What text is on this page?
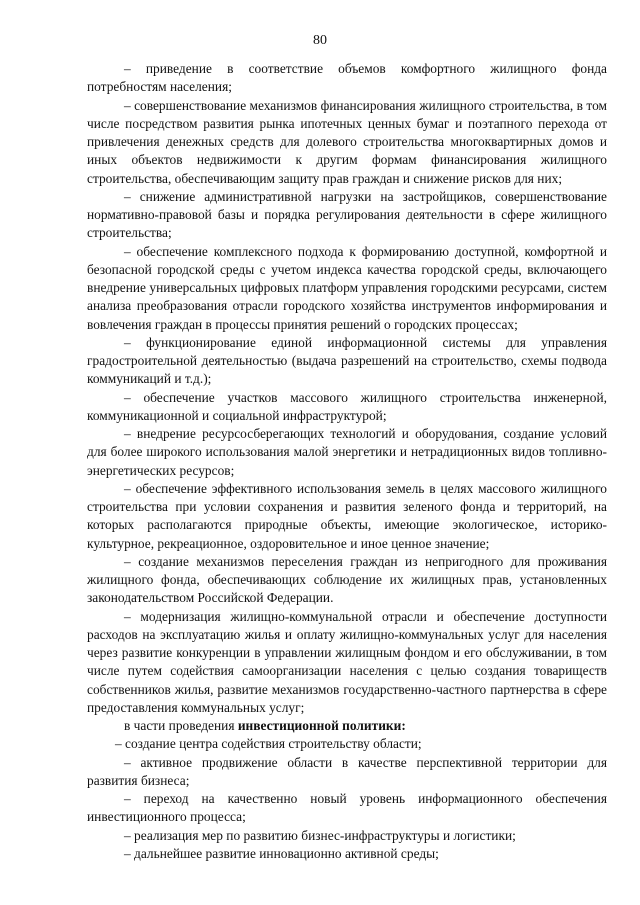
80

– приведение в соответствие объемов комфортного жилищного фонда потребностям населения;

– совершенствование механизмов финансирования жилищного строительства, в том числе посредством развития рынка ипотечных ценных бумаг и поэтапного перехода от привлечения денежных средств для долевого строительства многоквартирных домов и иных объектов недвижимости к другим формам финансирования жилищного строительства, обеспечивающим защиту прав граждан и снижение рисков для них;

– снижение административной нагрузки на застройщиков, совершенствование нормативно-правовой базы и порядка регулирования деятельности в сфере жилищного строительства;

– обеспечение комплексного подхода к формированию доступной, комфортной и безопасной городской среды с учетом индекса качества городской среды, включающего внедрение универсальных цифровых платформ управления городскими ресурсами, систем анализа преобразования отрасли городского хозяйства инструментов информирования и вовлечения граждан в процессы принятия решений о городских процессах;

– функционирование единой информационной системы для управления градостроительной деятельностью (выдача разрешений на строительство, схемы подвода коммуникаций и т.д.);

– обеспечение участков массового жилищного строительства инженерной, коммуникационной и социальной инфраструктурой;

– внедрение ресурсосберегающих технологий и оборудования, создание условий для более широкого использования малой энергетики и нетрадиционных видов топливно-энергетических ресурсов;

– обеспечение эффективного использования земель в целях массового жилищного строительства при условии сохранения и развития зеленого фонда и территорий, на которых располагаются природные объекты, имеющие экологическое, историко-культурное, рекреационное, оздоровительное и иное ценное значение;

– создание механизмов переселения граждан из непригодного для проживания жилищного фонда, обеспечивающих соблюдение их жилищных прав, установленных законодательством Российской Федерации.

– модернизация жилищно-коммунальной отрасли и обеспечение доступности расходов на эксплуатацию жилья и оплату жилищно-коммунальных услуг для населения через развитие конкуренции в управлении жилищным фондом и его обслуживании, в том числе путем содействия самоорганизации населения с целью создания товариществ собственников жилья, развитие механизмов государственно-частного партнерства в сфере предоставления коммунальных услуг;

в части проведения инвестиционной политики:

– создание центра содействия строительству области;

– активное продвижение области в качестве перспективной территории для развития бизнеса;

– переход на качественно новый уровень информационного обеспечения инвестиционного процесса;

– реализация мер по развитию бизнес-инфраструктуры и логистики;

– дальнейшее развитие инновационно активной среды;
